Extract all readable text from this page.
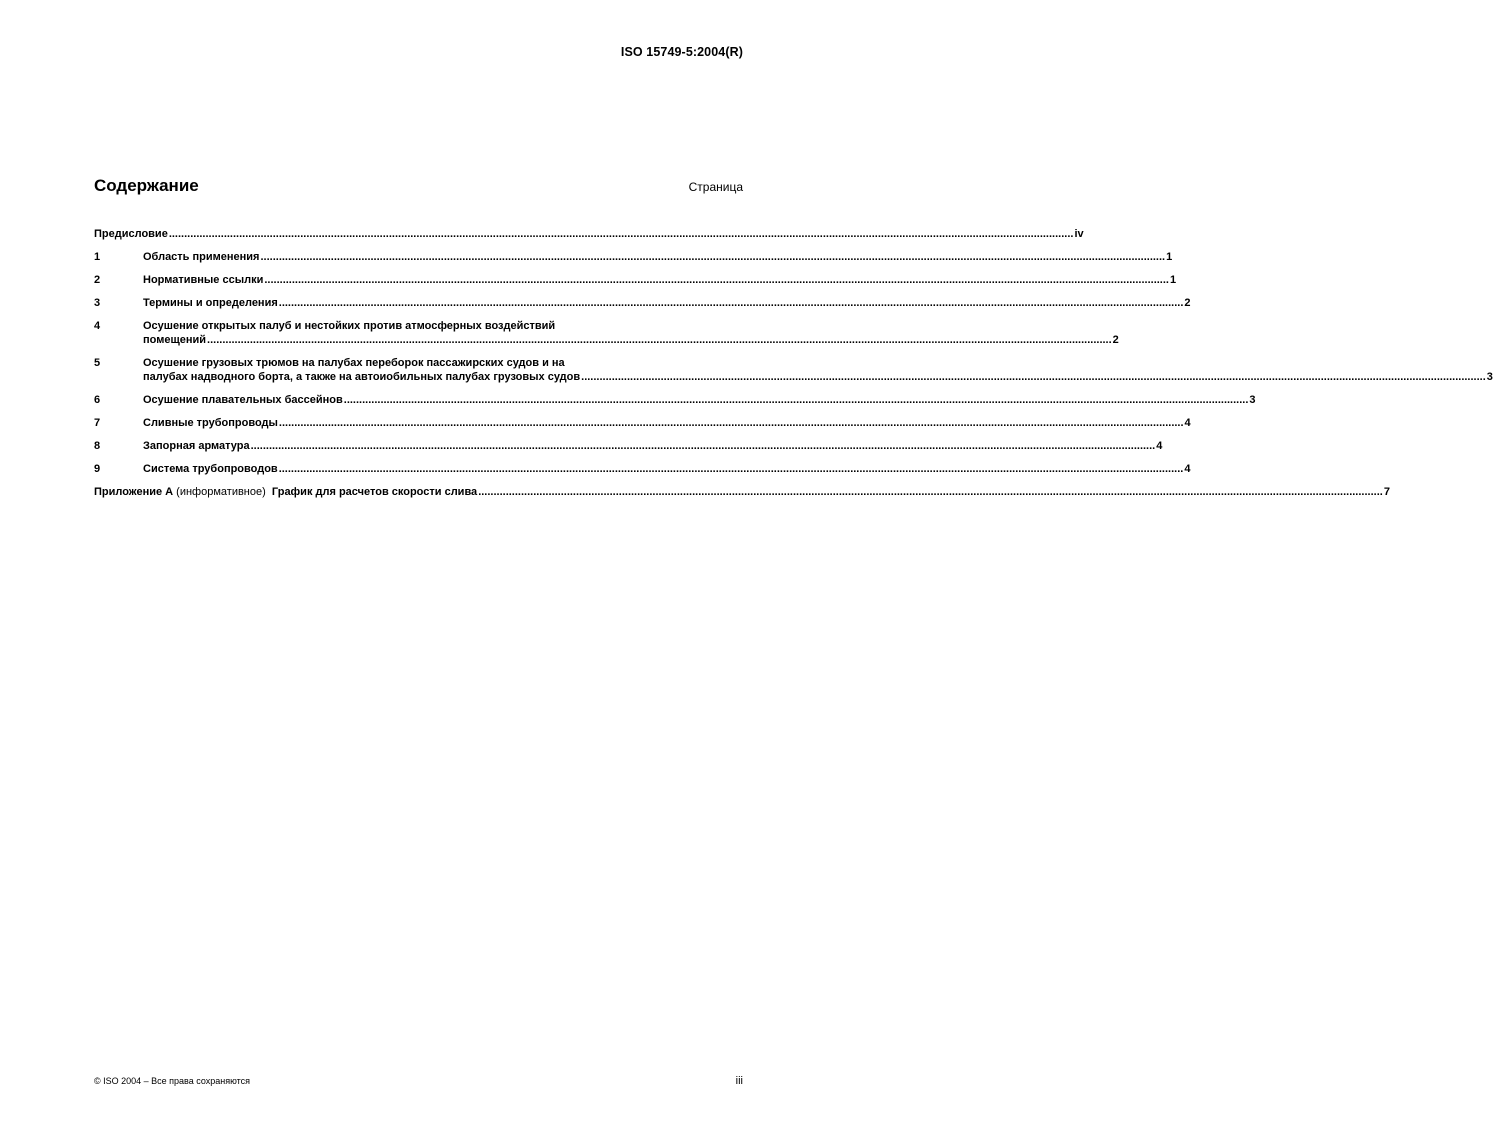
ISO 15749-5:2004(R)
Содержание	Страница
Предисловие .....	iv
1	Область применения .....	1
2	Нормативные ссылки .....	1
3	Термины и определения .....	2
4	Осушение открытых палуб и нестойких против атмосферных воздействий
помещений .....	2
5	Осушение грузовых трюмов на палубах переборок пассажирских судов и на
палубах надводного борта, а также на автоиобильных палубах грузовых судов .....	3
6	Осушение плавательных бассейнов .....	3
7	Сливные трубопроводы .....	4
8	Запорная арматура .....	4
9	Система трубопроводов .....	4
Приложение А (информативное) График для расчетов скорости слива .....	7
© ISO 2004 – Все права сохраняются	iii
